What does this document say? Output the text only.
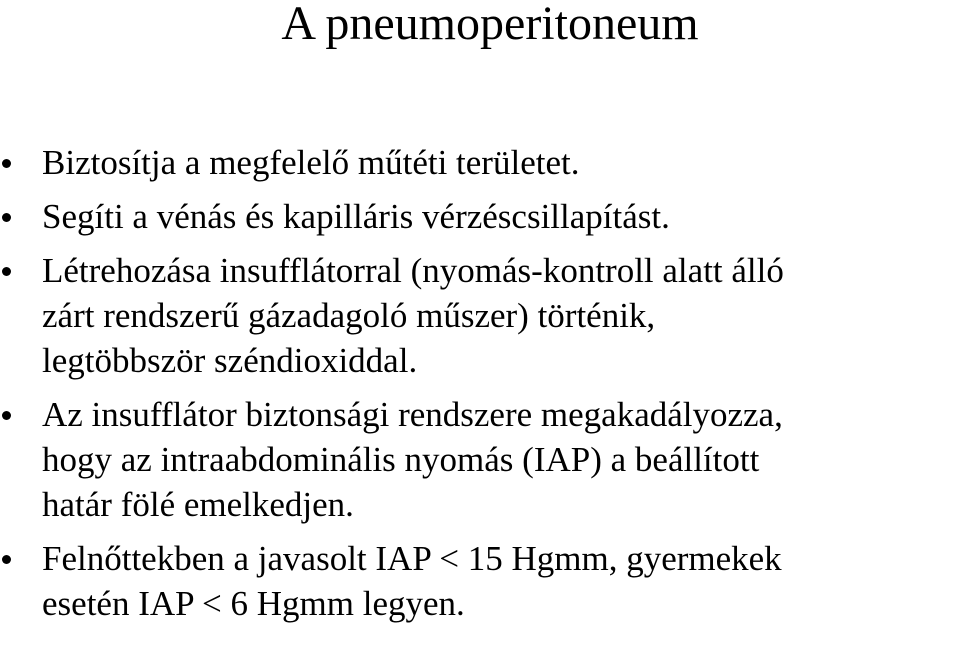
A pneumoperitoneum
Biztosítja a megfelelő műtéti területet.
Segíti a vénás és kapilláris vérzéscsillapítást.
Létrehozása insufflátorral (nyomás-kontroll alatt álló
zárt rendszerű gázadagoló műszer) történik,
legtöbbször széndioxiddal.
Az insufflátor biztonsági rendszere megakadályozza,
hogy az intraabdominális nyomás (IAP) a beállított
határ fölé emelkedjen.
Felnőttekben a javasolt IAP < 15 Hgmm, gyermekek
esetén IAP < 6 Hgmm legyen.
